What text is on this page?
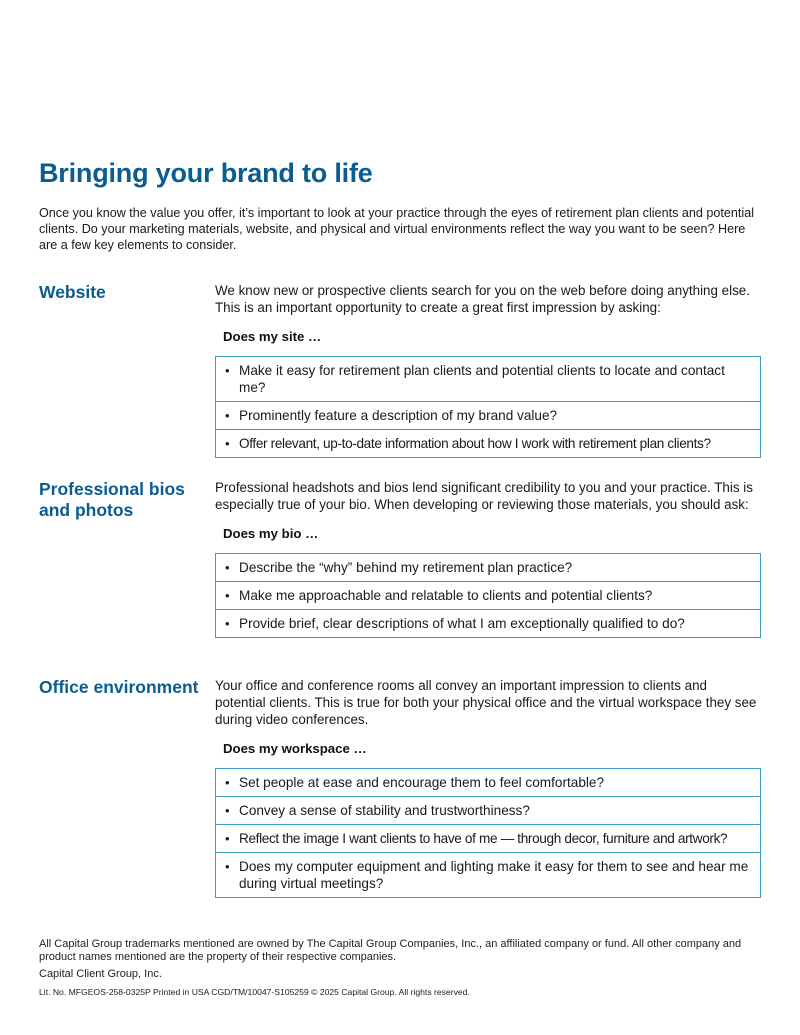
Bringing your brand to life

Once you know the value you offer, it’s important to look at your practice through the eyes of retirement plan clients and potential clients. Do your marketing materials, website, and physical and virtual environments reflect the way you want to be seen? Here are a few key elements to consider.

Website	We know new or prospective clients search for you on the web before doing anything else. This is an important opportunity to create a great first impression by asking:

Does my site …
• Make it easy for retirement plan clients and potential clients to locate and contact me?
• Prominently feature a description of my brand value?
• Offer relevant, up-to-date information about how I work with retirement plan clients?
Professional bios and photos

Professional headshots and bios lend significant credibility to you and your practice. This is especially true of your bio. When developing or reviewing those materials, you should ask:

Does my bio …
• Describe the “why” behind my retirement plan practice?
• Make me approachable and relatable to clients and potential clients?
• Provide brief, clear descriptions of what I am exceptionally qualified to do?
Office environment Your office and conference rooms all convey an important impression to clients and potential clients. This is true for both your physical office and the virtual workspace they see during video conferences.

Does my workspace …
• Set people at ease and encourage them to feel comfortable?
• Convey a sense of stability and trustworthiness?
• Reflect the image I want clients to have of me — through decor, furniture and artwork?
• Does my computer equipment and lighting make it easy for them to see and hear me during virtual meetings?

All Capital Group trademarks mentioned are owned by The Capital Group Companies, Inc., an affiliated company or fund. All other company and product names mentioned are the property of their respective companies.

Capital Client Group, Inc.

Lit. No. MFGEOS-258-0325P Printed in USA CGD/TM/10047-S105259 © 2025 Capital Group. All rights reserved.
